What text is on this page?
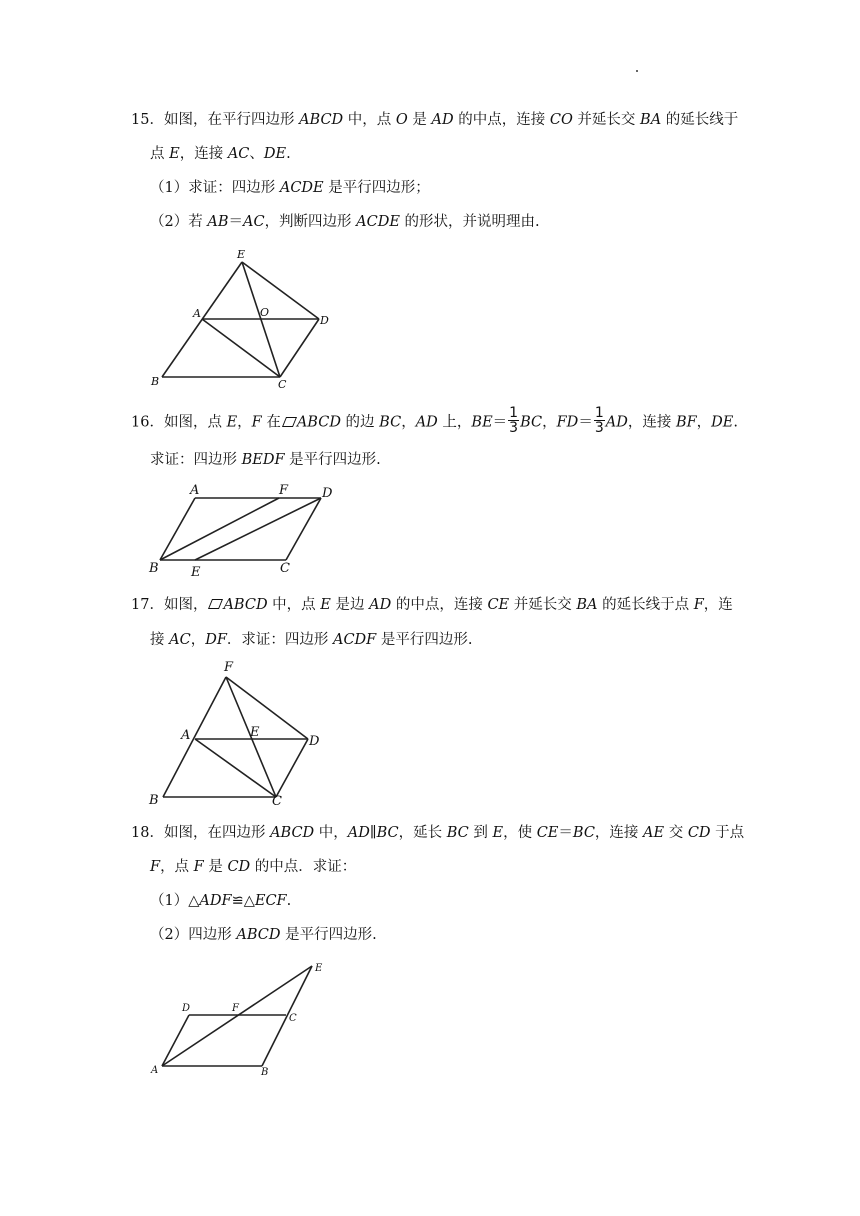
15．如图，在平行四边形 ABCD 中，点 O 是 AD 的中点，连接 CO 并延长交 BA 的延长线于
点 E，连接 AC、DE.
（1）求证：四边形 ACDE 是平行四边形；
（2）若 AB＝AC，判断四边形 ACDE 的形状，并说明理由.
E
A	O
D
B	C
16．如图，点 E，F 在 ABCD 的边 BC，AD 上，$BE= \frac{1}{3}$ BC，$FD= \frac{1}{3}$ AD，连接 BF，DE.
求证：四边形 BEDF 是平行四边形.
A	F	D
B E	C
17．如图， ABCD 中，点 E 是边 AD 的中点，连接 CE 并延长交 BA 的延长线于点 F，连
接 AC，DF．求证：四边形 ACDF 是平行四边形.
F
A	E
D
B	C
18．如图，在四边形 ABCD 中，AD∥BC，延长 BC 到 E，使 CE＝BC，连接 AE 交 CD 于点
F，点 F 是 CD 的中点．求证：
（1）△ADF≌△ECF.
（2）四边形 ABCD 是平行四边形.
E
D	F
C
A	B
